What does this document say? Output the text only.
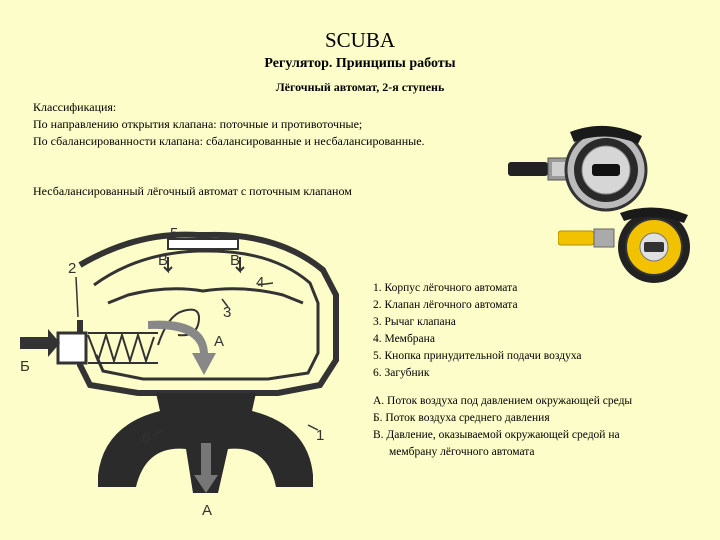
SCUBA
Регулятор. Принципы работы
Лёгочный автомат, 2-я ступень
Классификация:
По направлению открытия клапана: поточные и противоточные;
По сбалансированности клапана: сбалансированные и несбалансированные.
Несбалансированный лёгочный автомат с поточным клапаном
5
2	В	В
4
3
А
Б
6	1
А
1. Корпус лёгочного автомата
2. Клапан лёгочного автомата
3. Рычаг клапана
4. Мембрана
5. Кнопка принудительной подачи воздуха
6. Загубник
А. Поток воздуха под давлением окружающей среды
Б. Поток воздуха среднего давления
В. Давление, оказываемой окружающей средой на
мембрану лёгочного автомата
